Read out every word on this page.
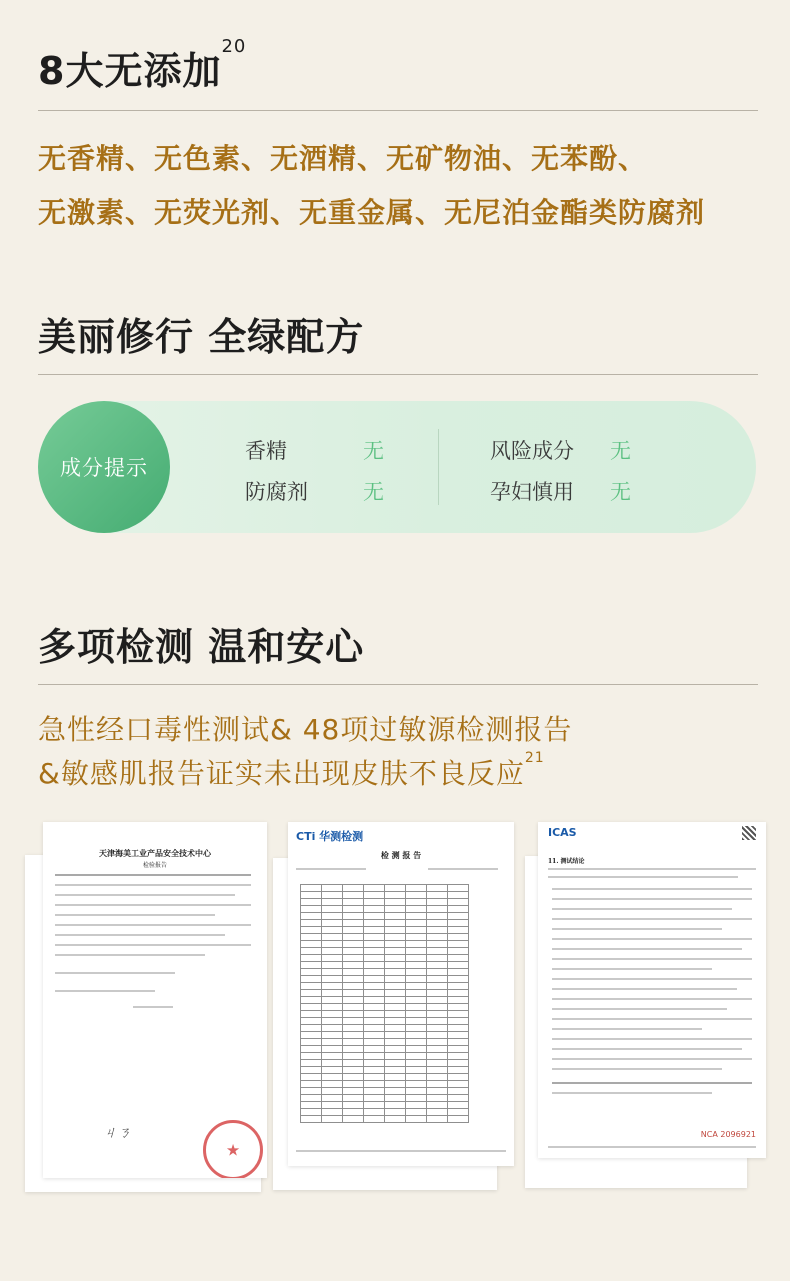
8大无添加$^{20}$

无香精、无色素、无酒精、无矿物油、无苯酚、

无激素、无荧光剂、无重金属、无尼泊金酯类防腐剂

美丽修行 全绿配方
成分提示
香精	无
防腐剂	无
风险成分 无
孕妇慎用 无
多项检测 温和安心

急性经口毒性测试& 48项过敏源检测报告

&敏感肌报告证实未出现皮肤不良反应$^{21}$

天津海美工业产品安全技术中心
检验报告
ㄐㄋ
★
CTi 华测检测
检 测 报 告

ICAS
11. 测试结论
NCA 2096921
